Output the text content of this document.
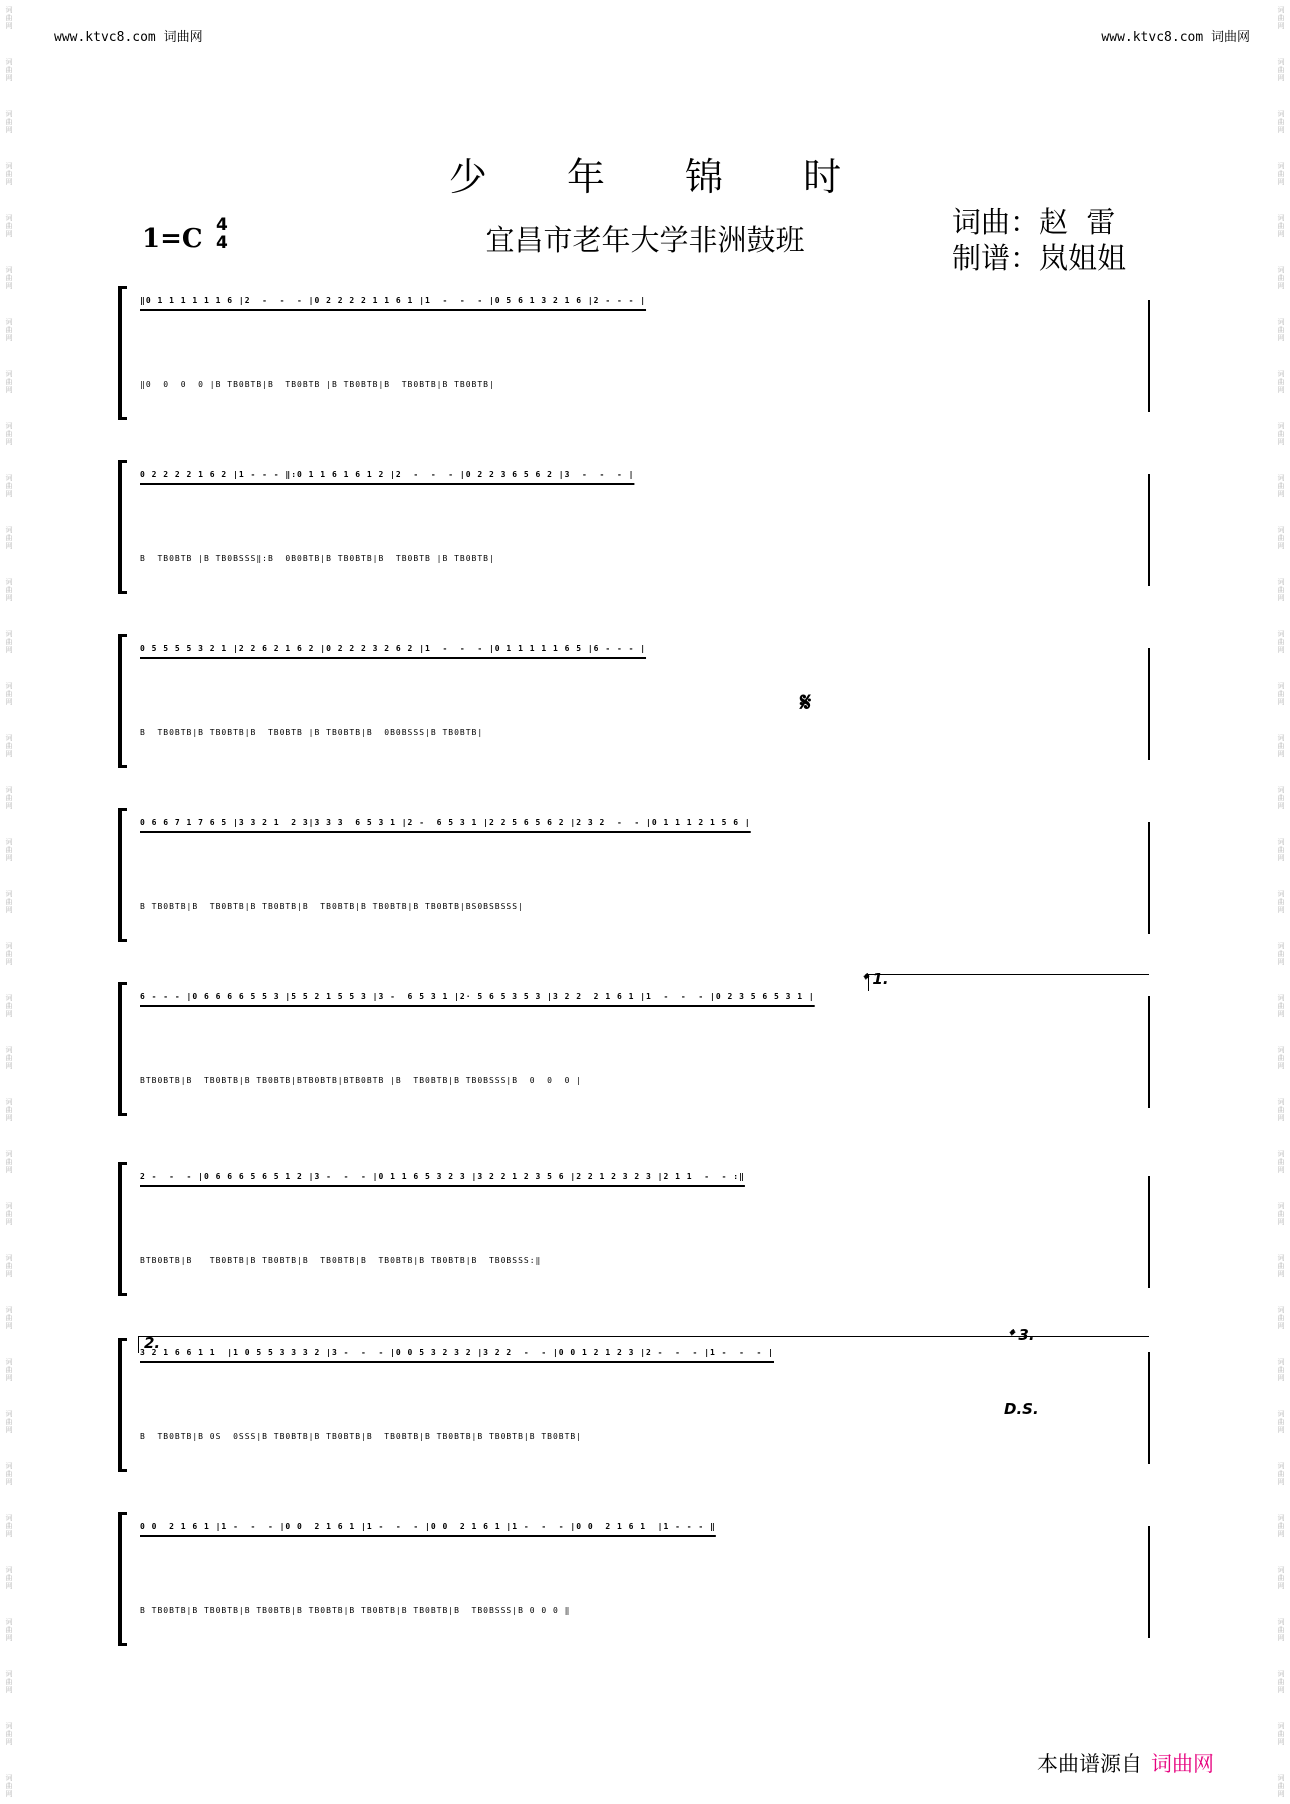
词
曲
网
词
曲
网
词
曲
网
词
曲
网
词
曲
网
词
曲
网
词
曲
网
词
曲
网
词
曲
网
词
曲
网
词
曲
网
词
曲
网
词
曲
网
词
曲
网
词
曲
网
词
曲
网
词
曲
网
词
曲
网
词
曲
网
词
曲
网
词
曲
网
词
曲
网
词
曲
网
词
曲
网
词
曲
网
词
曲
网
词
曲
网
词
曲
网
词
曲
网
词
曲
网
词
曲
网
词
曲
网
词
曲
网
词
曲
网
词
曲
网
词
曲
网
词
曲
网
词
曲
网
词
曲
网
词
曲
网
词
曲
网
词
曲
网
词
曲
网
词
曲
网
词
曲
网
词
曲
网
词
曲
网
词
曲
网
词
曲
网
词
曲
网
词
曲
网
词
曲
网
词
曲
网
词
曲
网
词
曲
网
词
曲
网
词
曲
网
词
曲
网
词
曲
网
词
曲
网
词
曲
网
词
曲
网
词
曲
网
词
曲
网
词
曲
网
词
曲
网
词
曲
网
词
曲
网
词
曲
网
词
曲
网
www.ktvc8.com 词曲网	www.ktvc8.com 词曲网
少 年 锦 时
宜昌市老年大学非洲鼓班
1=C 4
4
词曲：赵  雷
制谱：岚姐姐
‖0 1 1 1 1 1 1 6 |2  -  -  - |0 2 2 2 2 1 1 6 1 |1  -  -  - |0 5 6 1 3 2 1 6 |2 - - - |
‖0  0  0  0 |B TB0BTB|B  TB0BTB |B TB0BTB|B  TB0BTB|B TB0BTB|
0 2 2 2 2 1 6 2 |1 - - - ‖:0 1 1 6 1 6 1 2 |2  -  -  - |0 2 2 3 6 5 6 2 |3  -  -  - |
B  TB0BTB |B TB0BSSS‖:B  0B0BTB|B TB0BTB|B  TB0BTB |B TB0BTB|
0 5 5 5 5 3 2 1 |2 2 6 2 1 6 2 |0 2 2 2 3 2 6 2 |1  -  -  - |0 1 1 1 1 1 6 5 |6 - - - |
B  TB0BTB|B TB0BTB|B  TB0BTB |B TB0BTB|B  0B0BSSS|B TB0BTB|
0 6 6 7 1 7 6 5 |3 3 2 1  2 3|3 3 3  6 5 3 1 |2 -  6 5 3 1 |2 2 5 6 5 6 2 |2 3 2  -  - |0 1 1 1 2 1 5 6 |
B TB0BTB|B  TB0BTB|B TB0BTB|B  TB0BTB|B TB0BTB|B TB0BTB|BS0BSBSSS|
6 - - - |0 6 6 6 6 5 5 3 |5 5 2 1 5 5 3 |3 -  6 5 3 1 |2· 5 6 5 3 5 3 |3 2 2  2 1 6 1 |1  -  -  - |0 2 3 5 6 5 3 1 |
BTB0BTB|B  TB0BTB|B TB0BTB|BTB0BTB|BTB0BTB |B  TB0BTB|B TB0BSSS|B  0  0  0 |
2 -  -  - |0 6 6 6 5 6 5 1 2 |3 -  -  - |0 1 1 6 5 3 2 3 |3 2 2 1 2 3 5 6 |2 2 1 2 3 2 3 |2 1 1  -  - :‖
BTB0BTB|B   TB0BTB|B TB0BTB|B  TB0BTB|B  TB0BTB|B TB0BTB|B  TB0BSSS:‖
3 2 1 6 6 1 1  |1 0 5 5 3 3 3 2 |3 -  -  - |0 0 5 3 2 3 2 |3 2 2  -  - |0 0 1 2 1 2 3 |2 -  -  - |1 -  -  - |
B  TB0BTB|B 0S  0SSS|B TB0BTB|B TB0BTB|B  TB0BTB|B TB0BTB|B TB0BTB|B TB0BTB|
0 0  2 1 6 1 |1 -  -  - |0 0  2 1 6 1 |1 -  -  - |0 0  2 1 6 1 |1 -  -  - |0 0  2 1 6 1  |1 - - - ‖
B TB0BTB|B TB0BTB|B TB0BTB|B TB0BTB|B TB0BTB|B TB0BTB|B  TB0BSSS|B 0 0 0 ‖
𝄋
𝄌 1.
2.	𝄌 3.
D.S.
本曲谱源自 词曲网
